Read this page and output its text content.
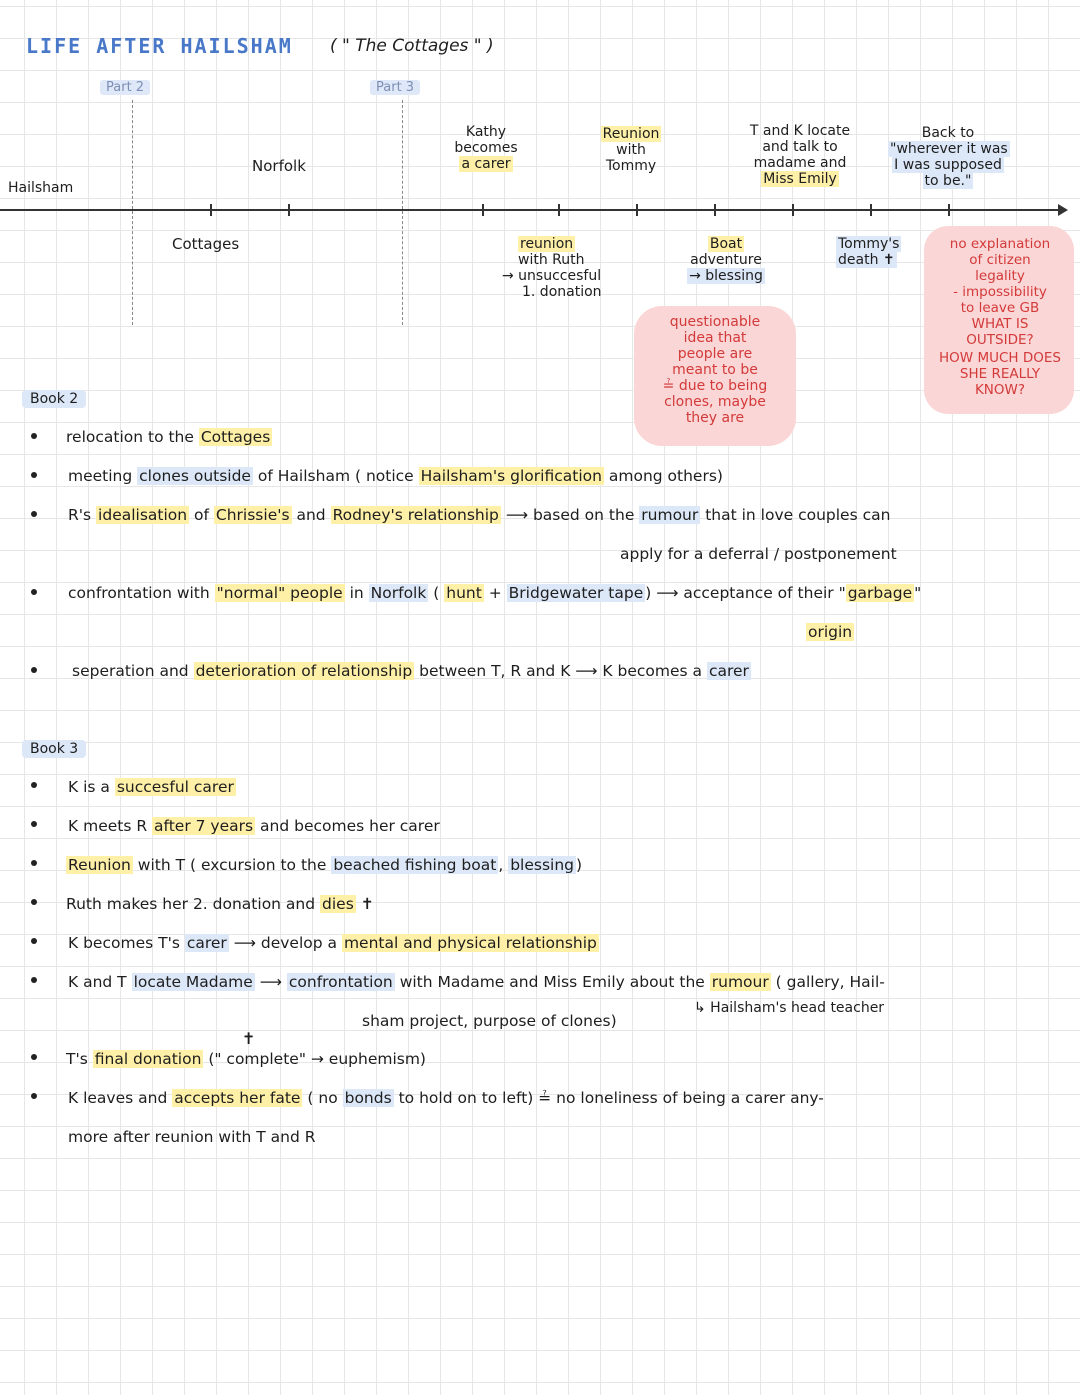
LIFE AFTER HAILSHAM ( " The Cottages " )
Part 2	Part 3
Hailsham
Norfolk
Kathy
becomes
a carer
Reunion
with
Tommy
T and K locate
and talk to
madame and
Miss Emily
Back to
"wherever it was
I was supposed
to be."
Cottages	reunion
with Ruth
→ unsuccesful
1. donation
Boat
adventure
→ blessing
questionable
idea that
people are
meant to be
≟ due to being
clones, maybe
they are
Tommy's
death ✝
no explanation
of citizen
legality
- impossibility
to leave GB
WHAT IS
OUTSIDE?
HOW MUCH DOES
SHE REALLY
KNOW?
Book 2
relocation to the Cottages
meeting clones outside of Hailsham ( notice Hailsham's glorification among others)
R's idealisation of Chrissie's and Rodney's relationship ⟶ based on the rumour that in love couples can
apply for a deferral / postponement
confrontation with "normal" people in Norfolk ( hunt + Bridgewater tape ) ⟶ acceptance of their " garbage "
origin
seperation and deterioration of relationship between T, R and K ⟶ K becomes a carer
Book 3
K is a succesful carer
K meets R after 7 years and becomes her carer
Reunion with T ( excursion to the beached fishing boat , blessing )
Ruth makes her 2. donation and dies ✝
K becomes T's carer ⟶ develop a mental and physical relationship
K and T locate Madame ⟶ confrontation with Madame and Miss Emily about the rumour ( gallery, Hail-
↳ Hailsham's head teacher
sham project, purpose of clones)
✝
T's final donation (" complete" → euphemism)
K leaves and accepts her fate ( no bonds to hold on to left) ≟ no loneliness of being a carer any-
more after reunion with T and R
